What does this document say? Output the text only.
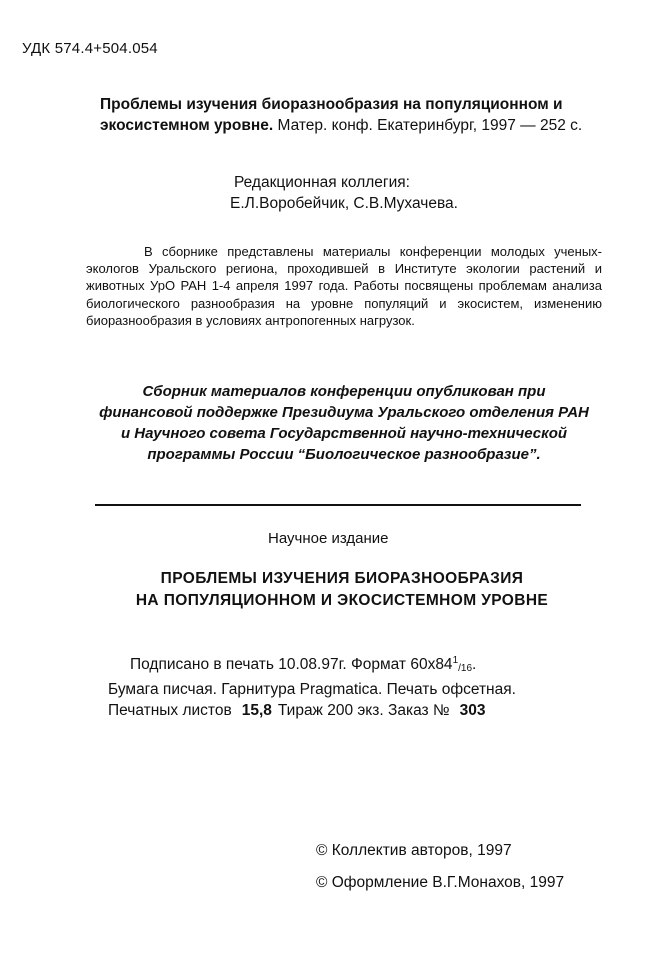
УДК 574.4+504.054
Проблемы изучения биоразнообразия на популяционном и экосистемном уровне. Матер. конф. Екатеринбург, 1997 — 252 с.
Редакционная коллегия:
Е.Л.Воробейчик, С.В.Мухачева.
В сборнике представлены материалы конференции молодых ученых-экологов Уральского региона, проходившей в Институте экологии растений и животных УрО РАН 1-4 апреля 1997 года. Работы посвящены проблемам анализа биологического разнообразия на уровне популяций и экосистем, изменению биоразнообразия в условиях антропогенных нагрузок.
Сборник материалов конференции опубликован при финансовой поддержке Президиума Уральского отделения РАН и Научного совета Государственной научно-технической программы России “Биологическое разнообразие”.
Научное издание
ПРОБЛЕМЫ ИЗУЧЕНИЯ БИОРАЗНООБРАЗИЯ
НА ПОПУЛЯЦИОННОМ И ЭКОСИСТЕМНОМ УРОВНЕ
Подписано в печать 10.08.97г. Формат $60х84^1/16$.
Бумага писчая. Гарнитура Pragmatica. Печать офсетная.
Печатных листов 15,8 Тираж 200 экз. Заказ № 303
© Коллектив авторов, 1997
© Оформление В.Г.Монахов, 1997
